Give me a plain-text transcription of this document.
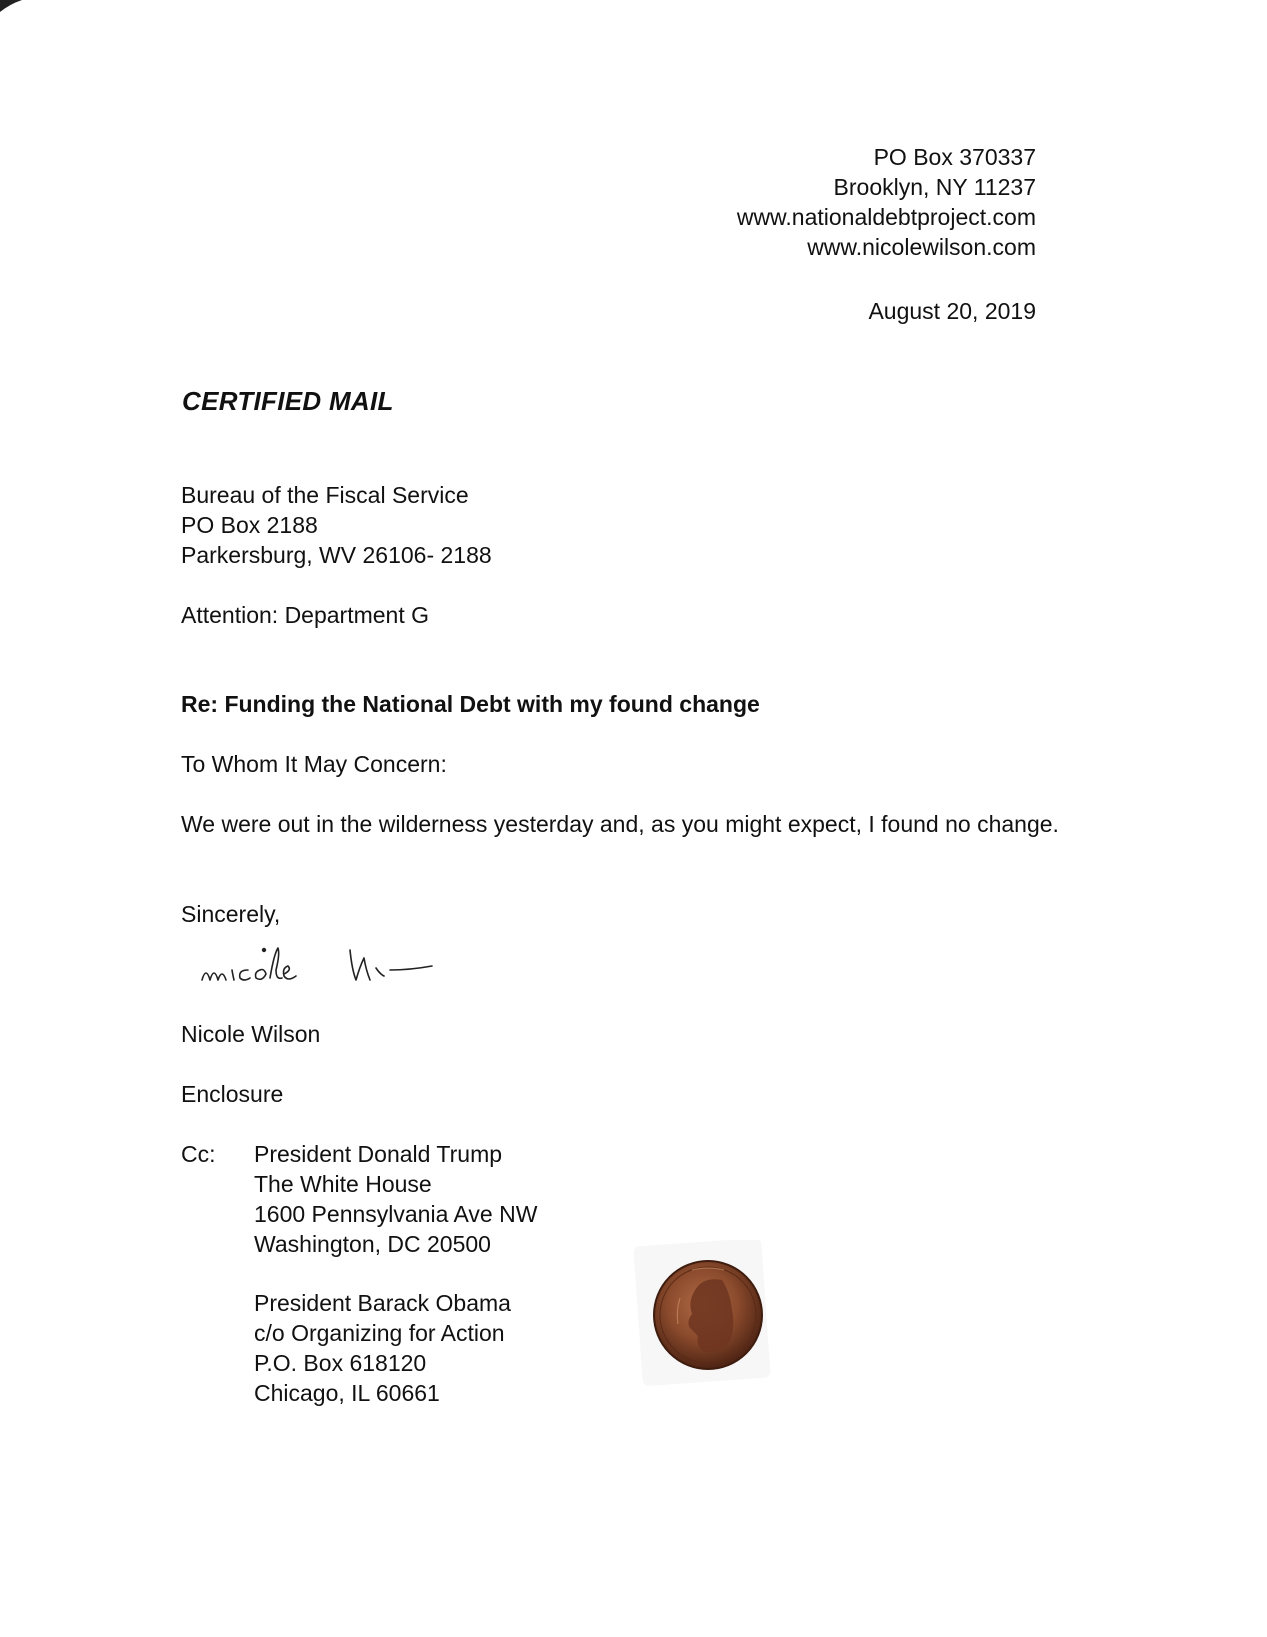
PO Box 370337
Brooklyn, NY 11237
www.nationaldebtproject.com
www.nicolewilson.com
August 20, 2019
CERTIFIED MAIL
Bureau of the Fiscal Service
PO Box 2188
Parkersburg, WV 26106- 2188
Attention: Department G
Re: Funding the National Debt with my found change
To Whom It May Concern:
We were out in the wilderness yesterday and, as you might expect, I found no change.
Sincerely,
Nicole Wilson
Enclosure
Cc: President Donald Trump
The White House
1600 Pennsylvania Ave NW
Washington, DC 20500
President Barack Obama
c/o Organizing for Action
P.O. Box 618120
Chicago, IL 60661
